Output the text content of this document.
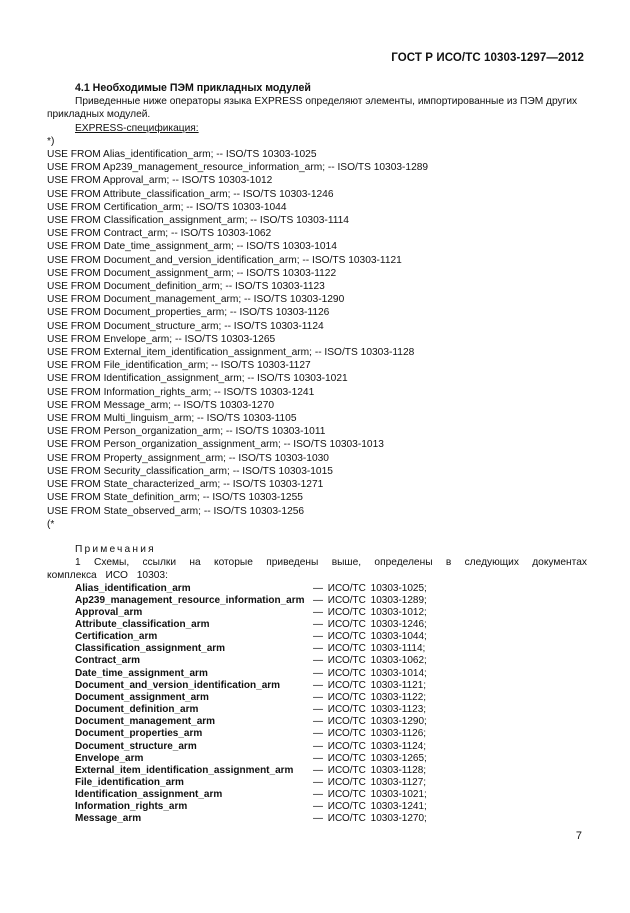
ГОСТ Р ИСО/ТС 10303-1297—2012
4.1 Необходимые ПЭМ прикладных модулей
Приведенные ниже операторы языка EXPRESS определяют элементы, импортированные из ПЭМ других прикладных модулей.
EXPRESS-спецификация:
*)
USE FROM Alias_identification_arm; -- ISO/TS 10303-1025
USE FROM Ap239_management_resource_information_arm; -- ISO/TS 10303-1289
USE FROM Approval_arm; -- ISO/TS 10303-1012
USE FROM Attribute_classification_arm; -- ISO/TS 10303-1246
USE FROM Certification_arm; -- ISO/TS 10303-1044
USE FROM Classification_assignment_arm; -- ISO/TS 10303-1114
USE FROM Contract_arm; -- ISO/TS 10303-1062
USE FROM Date_time_assignment_arm; -- ISO/TS 10303-1014
USE FROM Document_and_version_identification_arm; -- ISO/TS 10303-1121
USE FROM Document_assignment_arm; -- ISO/TS 10303-1122
USE FROM Document_definition_arm; -- ISO/TS 10303-1123
USE FROM Document_management_arm; -- ISO/TS 10303-1290
USE FROM Document_properties_arm; -- ISO/TS 10303-1126
USE FROM Document_structure_arm; -- ISO/TS 10303-1124
USE FROM Envelope_arm; -- ISO/TS 10303-1265
USE FROM External_item_identification_assignment_arm; -- ISO/TS 10303-1128
USE FROM File_identification_arm; -- ISO/TS 10303-1127
USE FROM Identification_assignment_arm; -- ISO/TS 10303-1021
USE FROM Information_rights_arm; -- ISO/TS 10303-1241
USE FROM Message_arm; -- ISO/TS 10303-1270
USE FROM Multi_linguism_arm; -- ISO/TS 10303-1105
USE FROM Person_organization_arm; -- ISO/TS 10303-1011
USE FROM Person_organization_assignment_arm; -- ISO/TS 10303-1013
USE FROM Property_assignment_arm; -- ISO/TS 10303-1030
USE FROM Security_classification_arm; -- ISO/TS 10303-1015
USE FROM State_characterized_arm; -- ISO/TS 10303-1271
USE FROM State_definition_arm; -- ISO/TS 10303-1255
USE FROM State_observed_arm; -- ISO/TS 10303-1256
(*
Примечания
1 Схемы, ссылки на которые приведены выше, определены в следующих документах комплекса ИСО 10303:
Alias_identification_arm	— ИСО/ТС 10303-1025;
Ap239_management_resource_information_arm	— ИСО/ТС 10303-1289;
Approval_arm	— ИСО/ТС 10303-1012;
Attribute_classification_arm	— ИСО/ТС 10303-1246;
Certification_arm	— ИСО/ТС 10303-1044;
Classification_assignment_arm	— ИСО/ТС 10303-1114;
Contract_arm	— ИСО/ТС 10303-1062;
Date_time_assignment_arm	— ИСО/ТС 10303-1014;
Document_and_version_identification_arm	— ИСО/ТС 10303-1121;
Document_assignment_arm	— ИСО/ТС 10303-1122;
Document_definition_arm	— ИСО/ТС 10303-1123;
Document_management_arm	— ИСО/ТС 10303-1290;
Document_properties_arm	— ИСО/ТС 10303-1126;
Document_structure_arm	— ИСО/ТС 10303-1124;
Envelope_arm	— ИСО/ТС 10303-1265;
External_item_identification_assignment_arm	— ИСО/ТС 10303-1128;
File_identification_arm	— ИСО/ТС 10303-1127;
Identification_assignment_arm	— ИСО/ТС 10303-1021;
Information_rights_arm	— ИСО/ТС 10303-1241;
Message_arm	— ИСО/ТС 10303-1270;
7
